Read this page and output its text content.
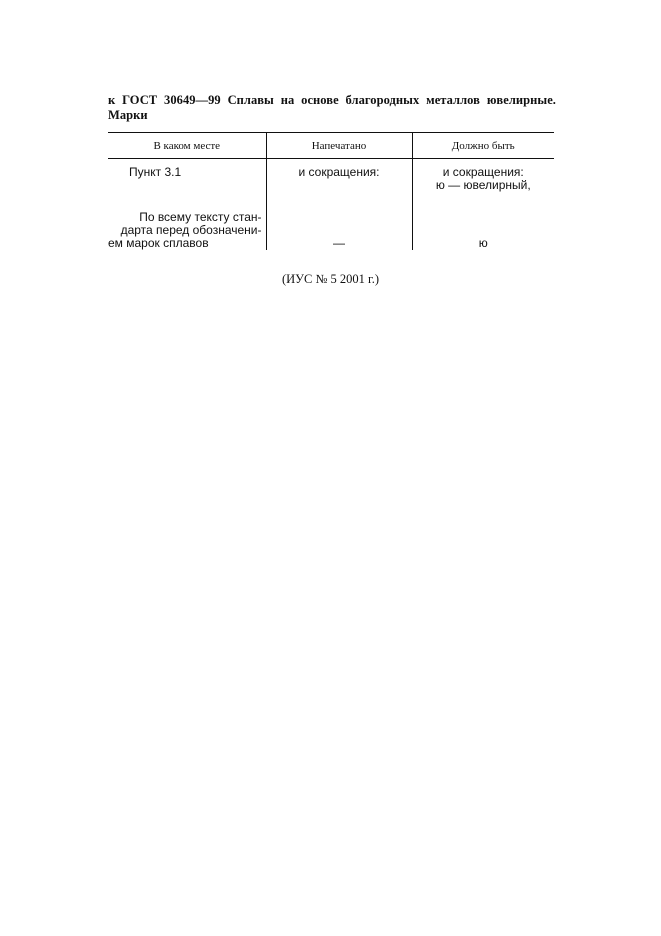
к ГОСТ 30649—99 Сплавы на основе благородных металлов ювелирные.
Марки
В каком месте	Напечатано	Должно быть
Пункт 3.1	и сокращения:	и сокращения:
ю — ювелирный,

По всему тексту стан-
дарта перед обозначени-
ем марок сплавов	—	ю
(ИУС № 5 2001 г.)
